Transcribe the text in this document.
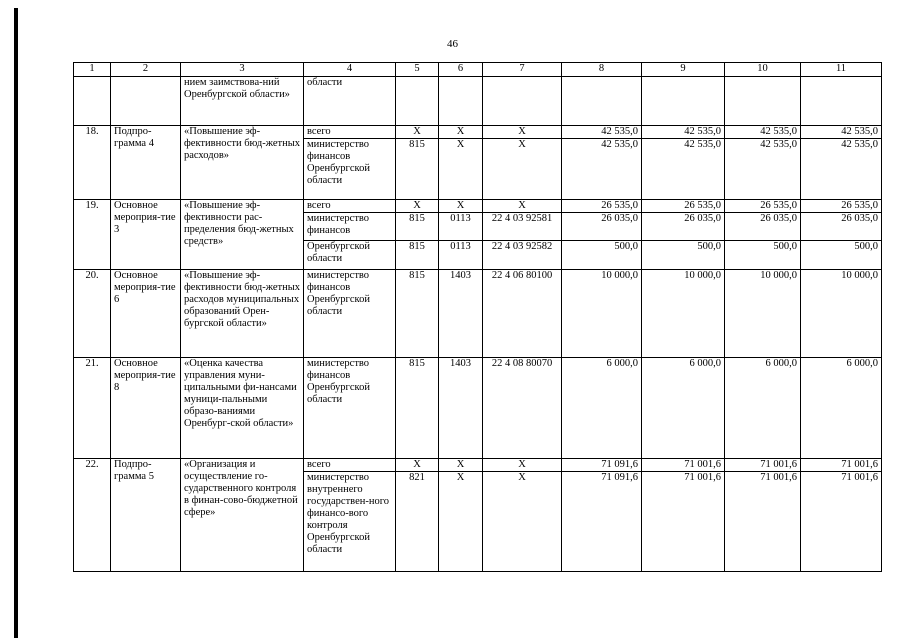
46
1	2	3	4	5	6	7	8	9	10	11
		нием заимствова-ний Оренбургской области»	области							
18.	Подпро-грамма 4	«Повышение эф-фективности бюд-жетных расходов»	всего	X	X	X	42 535,0	42 535,0	42 535,0	42 535,0
			министерство финансов Оренбургской области	815	X	X	42 535,0	42 535,0	42 535,0	42 535,0
19.	Основное мероприя-тие 3	«Повышение эф-фективности рас-пределения бюд-жетных средств»	всего	X	X	X	26 535,0	26 535,0	26 535,0	26 535,0
			министерство финансов	815	0113	22 4 03 92581	26 035,0	26 035,0	26 035,0	26 035,0
			Оренбургской области	815	0113	22 4 03 92582	500,0	500,0	500,0	500,0
20.	Основное мероприя-тие 6	«Повышение эф-фективности бюд-жетных расходов муниципальных образований Орен-бургской области»	министерство финансов Оренбургской области	815	1403	22 4 06 80100	10 000,0	10 000,0	10 000,0	10 000,0
21.	Основное мероприя-тие 8	«Оценка качества управления муни-ципальными фи-нансами муници-пальными образо-ваниями Оренбург-ской области»	министерство финансов Оренбургской области	815	1403	22 4 08 80070	6 000,0	6 000,0	6 000,0	6 000,0
22.	Подпро-грамма 5	«Организация и осуществление го-сударственного контроля в финан-сово-бюджетной сфере»	всего	X	X	X	71 091,6	71 001,6	71 001,6	71 001,6
			министерство внутреннего государствен-ного финансо-вого контроля Оренбургской области	821	X	X	71 091,6	71 001,6	71 001,6	71 001,6
